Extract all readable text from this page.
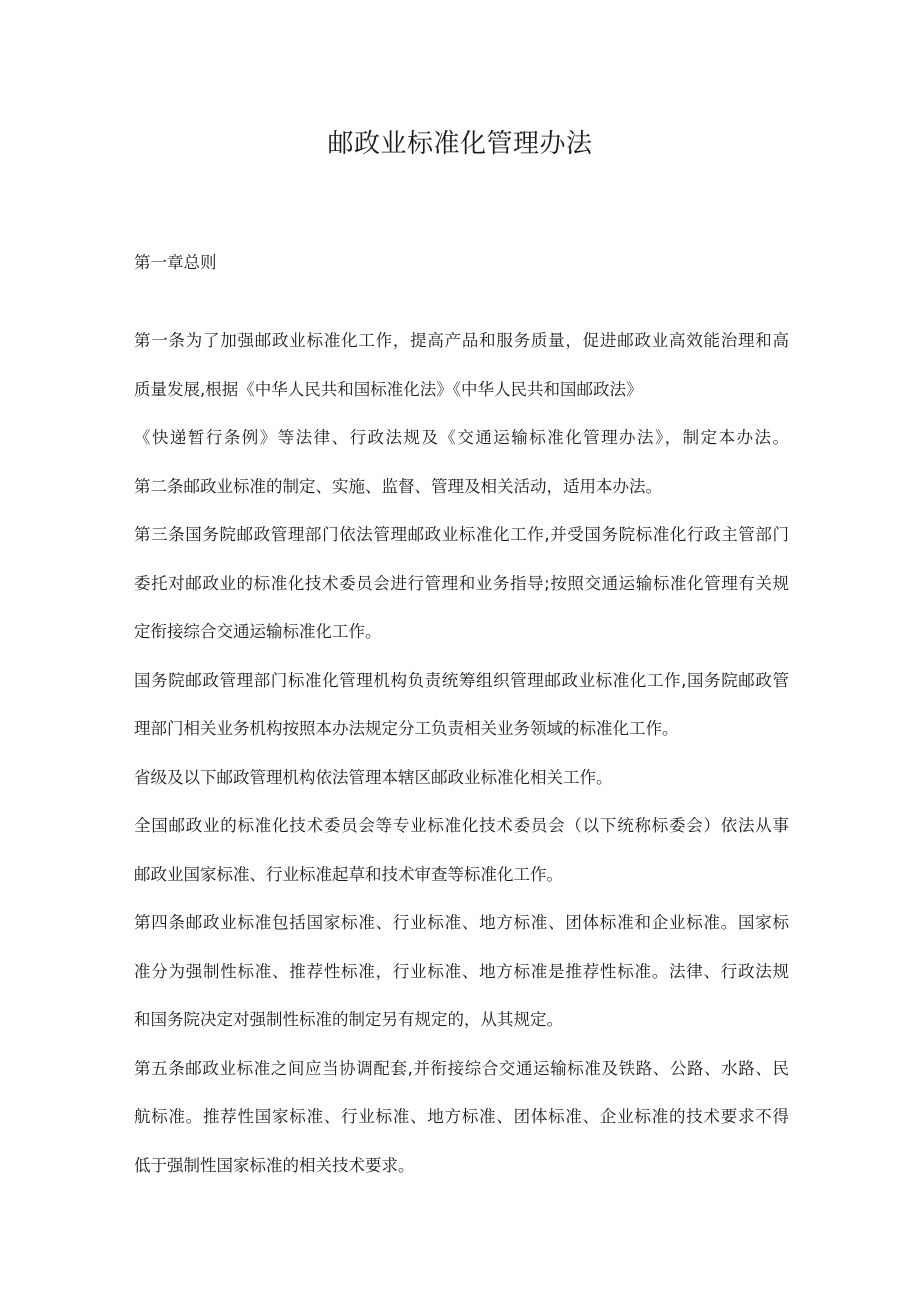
邮政业标准化管理办法

第一章总则

第一条为了加强邮政业标准化工作，提高产品和服务质量，促进邮政业高效能治理和高
质量发展,根据《中华人民共和国标准化法》《中华人民共和国邮政法》
《快递暂行条例》等法律、行政法规及《交通运输标准化管理办法》，制定本办法。
第二条邮政业标准的制定、实施、监督、管理及相关活动，适用本办法。
第三条国务院邮政管理部门依法管理邮政业标准化工作,并受国务院标准化行政主管部门
委托对邮政业的标准化技术委员会进行管理和业务指导;按照交通运输标准化管理有关规
定衔接综合交通运输标准化工作。
国务院邮政管理部门标准化管理机构负责统筹组织管理邮政业标准化工作,国务院邮政管
理部门相关业务机构按照本办法规定分工负责相关业务领域的标准化工作。
省级及以下邮政管理机构依法管理本辖区邮政业标准化相关工作。
全国邮政业的标准化技术委员会等专业标准化技术委员会（以下统称标委会）依法从事
邮政业国家标准、行业标准起草和技术审查等标准化工作。
第四条邮政业标准包括国家标准、行业标准、地方标准、团体标准和企业标准。国家标
准分为强制性标准、推荐性标准，行业标准、地方标准是推荐性标准。法律、行政法规
和国务院决定对强制性标准的制定另有规定的，从其规定。
第五条邮政业标准之间应当协调配套,并衔接综合交通运输标准及铁路、公路、水路、民
航标准。推荐性国家标准、行业标准、地方标准、团体标准、企业标准的技术要求不得
低于强制性国家标准的相关技术要求。
